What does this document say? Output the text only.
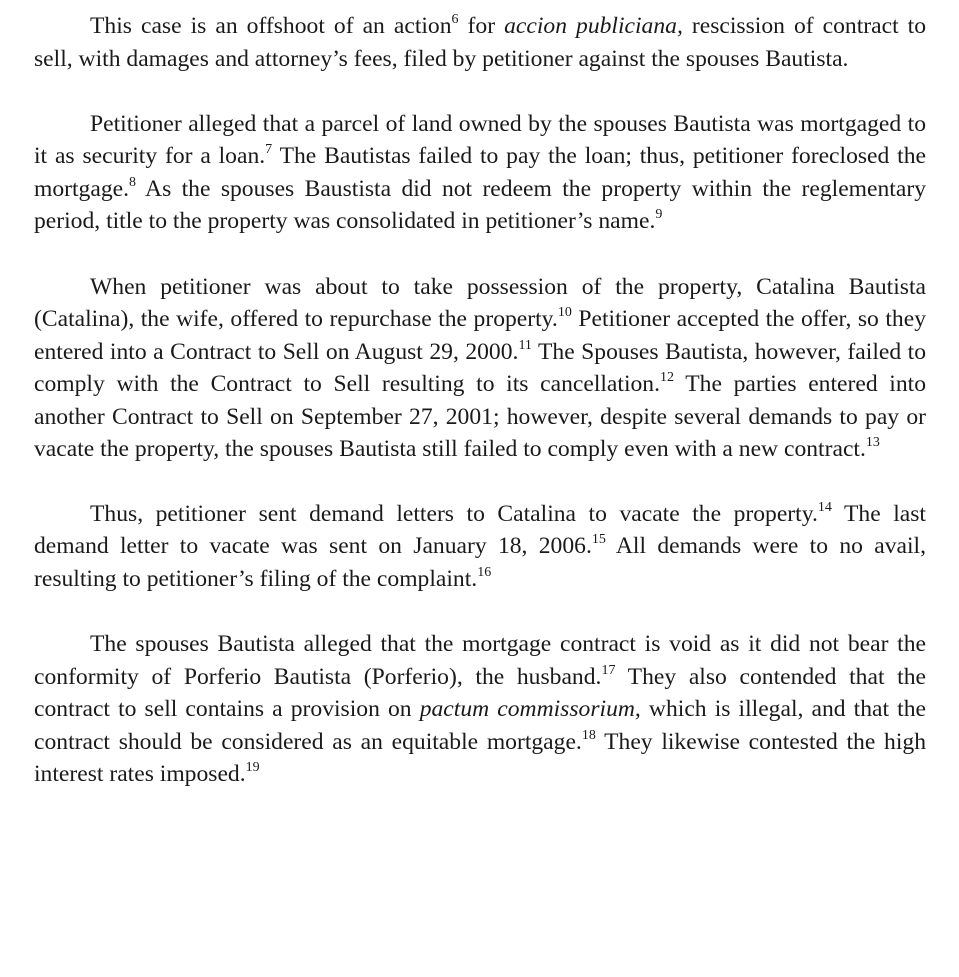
This case is an offshoot of an action$^6$ for accion publiciana, rescission of contract to sell, with damages and attorney’s fees, filed by petitioner against the spouses Bautista.

Petitioner alleged that a parcel of land owned by the spouses Bautista was mortgaged to it as security for a loan.$^7$ The Bautistas failed to pay the loan; thus, petitioner foreclosed the mortgage.$^8$ As the spouses Baustista did not redeem the property within the reglementary period, title to the property was consolidated in petitioner’s name.$^9$

When petitioner was about to take possession of the property, Catalina Bautista (Catalina), the wife, offered to repurchase the property.$^{10}$ Petitioner accepted the offer, so they entered into a Contract to Sell on August 29, 2000.11 The Spouses Bautista, however, failed to comply with the Contract to Sell resulting to its cancellation.$^{12}$ The parties entered into another Contract to Sell on September 27, 2001; however, despite several demands to pay or vacate the property, the spouses Bautista still failed to comply even with a new contract.$^{13}$

Thus, petitioner sent demand letters to Catalina to vacate the property.$^{14}$ The last demand letter to vacate was sent on January 18, 2006.15 All demands were to no avail, resulting to petitioner’s filing of the complaint.$^{16}$

The spouses Bautista alleged that the mortgage contract is void as it did not bear the conformity of Porferio Bautista (Porferio), the husband.$^{17}$ They also contended that the contract to sell contains a provision on pactum commissorium, which is illegal, and that the contract should be considered as an equitable mortgage.$^{18}$ They likewise contested the high interest rates imposed.$^{19}$
